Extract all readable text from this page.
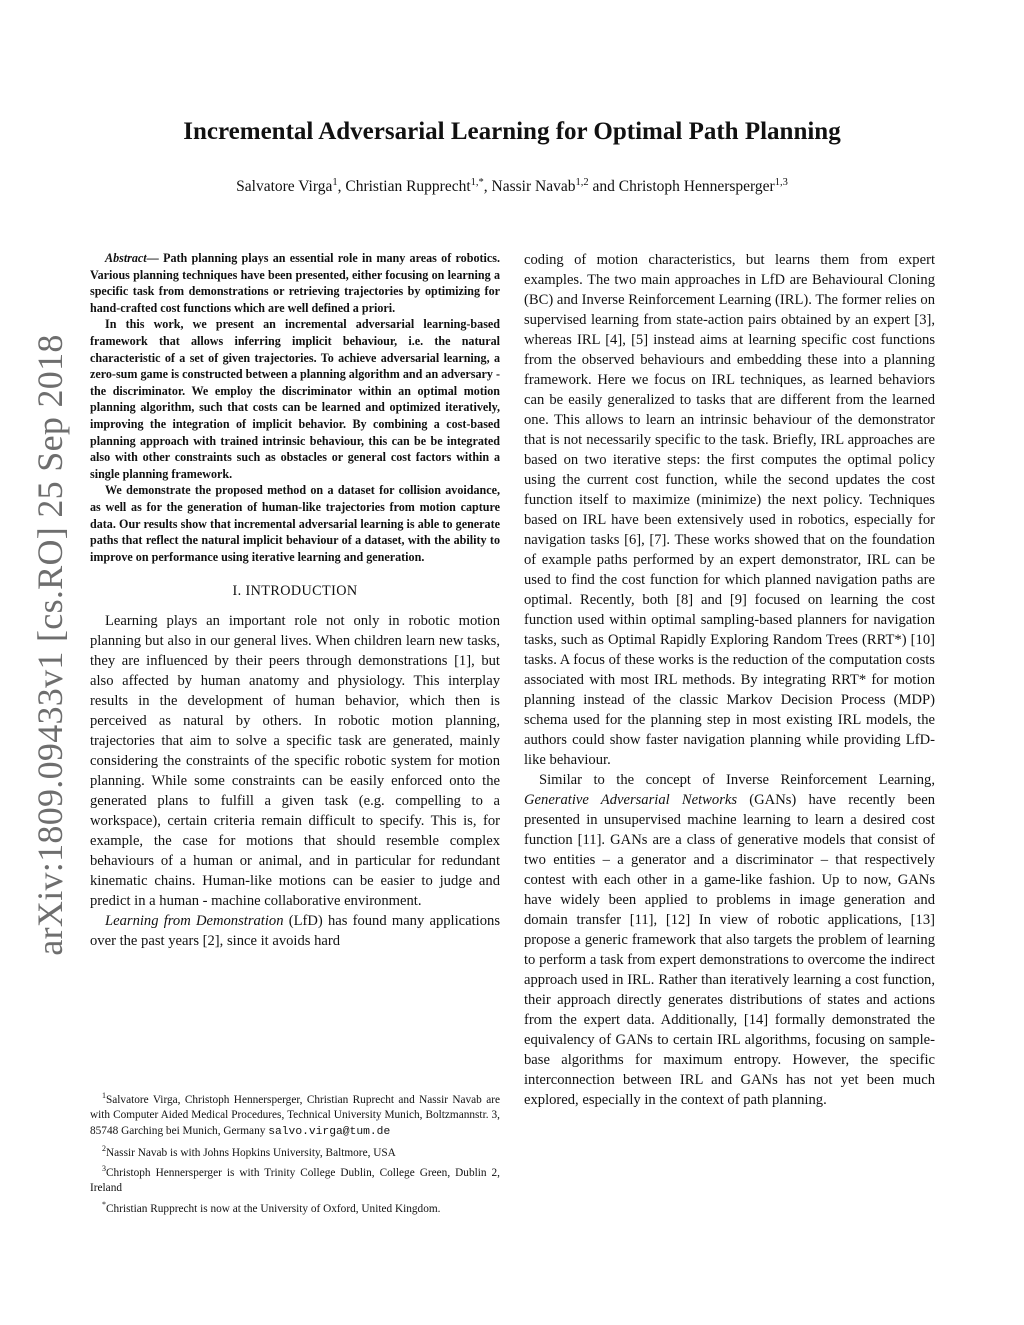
arXiv:1809.09433v1 [cs.RO] 25 Sep 2018
Incremental Adversarial Learning for Optimal Path Planning
Salvatore Virga$^1$, Christian Rupprecht$^{1,*}$, Nassir Navab$^{1,2}$ and Christoph Hennersperger$^{1,3}$

Abstract— Path planning plays an essential role in many areas of robotics. Various planning techniques have been presented, either focusing on learning a specific task from demonstrations or retrieving trajectories by optimizing for hand-crafted cost functions which are well defined a priori.

In this work, we present an incremental adversarial learning-based framework that allows inferring implicit behaviour, i.e. the natural characteristic of a set of given trajectories. To achieve adversarial learning, a zero-sum game is constructed between a planning algorithm and an adversary - the discriminator. We employ the discriminator within an optimal motion planning algorithm, such that costs can be learned and optimized iteratively, improving the integration of implicit behavior. By combining a cost-based planning approach with trained intrinsic behaviour, this can be be integrated also with other constraints such as obstacles or general cost factors within a single planning framework.

We demonstrate the proposed method on a dataset for collision avoidance, as well as for the generation of human-like trajectories from motion capture data. Our results show that incremental adversarial learning is able to generate paths that reflect the natural implicit behaviour of a dataset, with the ability to improve on performance using iterative learning and generation.

I. INTRODUCTION

Learning plays an important role not only in robotic motion planning but also in our general lives. When children learn new tasks, they are influenced by their peers through demonstrations [1], but also affected by human anatomy and physiology. This interplay results in the development of human behavior, which then is perceived as natural by others. In robotic motion planning, trajectories that aim to solve a specific task are generated, mainly considering the constraints of the specific robotic system for motion planning. While some constraints can be easily enforced onto the generated plans to fulfill a given task (e.g. compelling to a workspace), certain criteria remain difficult to specify. This is, for example, the case for motions that should resemble complex behaviours of a human or animal, and in particular for redundant kinematic chains. Human-like motions can be easier to judge and predict in a human - machine collaborative environment.

Learning from Demonstration (LfD) has found many applications over the past years [2], since it avoids hard

$^1$Salvatore Virga, Christoph Hennersperger, Christian Ruprecht and Nassir Navab are with Computer Aided Medical Procedures, Technical University Munich, Boltzmannstr. 3, 85748 Garching bei Munich, Germany salvo.virga@tum.de

$^2$Nassir Navab is with Johns Hopkins University, Baltmore, USA

$^3$Christoph Hennersperger is with Trinity College Dublin, College Green, Dublin 2, Ireland

*Christian Rupprecht is now at the University of Oxford, United Kingdom.

coding of motion characteristics, but learns them from expert examples. The two main approaches in LfD are Behavioural Cloning (BC) and Inverse Reinforcement Learning (IRL). The former relies on supervised learning from state-action pairs obtained by an expert [3], whereas IRL [4], [5] instead aims at learning specific cost functions from the observed behaviours and embedding these into a planning framework. Here we focus on IRL techniques, as learned behaviors can be easily generalized to tasks that are different from the learned one. This allows to learn an intrinsic behaviour of the demonstrator that is not necessarily specific to the task. Briefly, IRL approaches are based on two iterative steps: the first computes the optimal policy using the current cost function, while the second updates the cost function itself to maximize (minimize) the next policy. Techniques based on IRL have been extensively used in robotics, especially for navigation tasks [6], [7]. These works showed that on the foundation of example paths performed by an expert demonstrator, IRL can be used to find the cost function for which planned navigation paths are optimal. Recently, both [8] and [9] focused on learning the cost function used within optimal sampling-based planners for navigation tasks, such as Optimal Rapidly Exploring Random Trees (RRT*) [10] tasks. A focus of these works is the reduction of the computation costs associated with most IRL methods. By integrating RRT* for motion planning instead of the classic Markov Decision Process (MDP) schema used for the planning step in most existing IRL models, the authors could show faster navigation planning while providing LfD-like behaviour.

Similar to the concept of Inverse Reinforcement Learning, Generative Adversarial Networks (GANs) have recently been presented in unsupervised machine learning to learn a desired cost function [11]. GANs are a class of generative models that consist of two entities – a generator and a discriminator – that respectively contest with each other in a game-like fashion. Up to now, GANs have widely been applied to problems in image generation and domain transfer [11], [12] In view of robotic applications, [13] propose a generic framework that also targets the problem of learning to perform a task from expert demonstrations to overcome the indirect approach used in IRL. Rather than iteratively learning a cost function, their approach directly generates distributions of states and actions from the expert data. Additionally, [14] formally demonstrated the equivalency of GANs to certain IRL algorithms, focusing on sample-base algorithms for maximum entropy. However, the specific interconnection between IRL and GANs has not yet been much explored, especially in the context of path planning.
